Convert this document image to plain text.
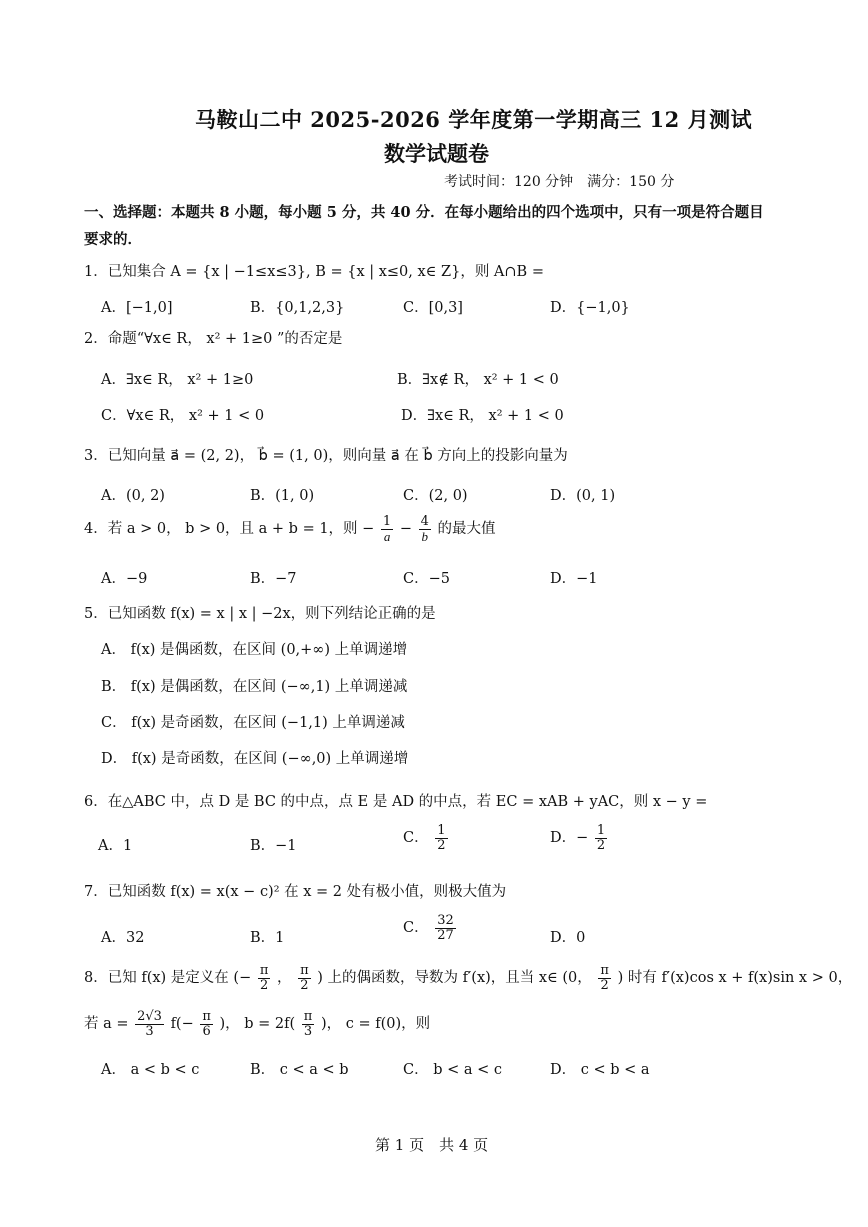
马鞍山二中 2025-2026 学年度第一学期高三 12 月测试
数学试题卷
考试时间：120 分钟　满分：150 分
一、选择题：本题共 8 小题，每小题 5 分，共 40 分．在每小题给出的四个选项中，只有一项是符合题目
要求的．
1．已知集合 A = {x | −1≤x≤3}, B = {x | x≤0, x∈ Z}，则 A∩B =
A．[−1,0]	B．{0,1,2,3}	C．[0,3]	D．{−1,0}
2．命题“∀x∈ R， x² + 1≥0 ”的否定是
A．∃x∈ R， x² + 1≥0	B．∃x∉ R， x² + 1 < 0
C．∀x∈ R， x² + 1 < 0	D．∃x∈ R， x² + 1 < 0
3．已知向量 a⃗ = (2, 2)， b⃗ = (1, 0)，则向量 a⃗ 在 b⃗ 方向上的投影向量为
A．(0, 2)	B．(1, 0)	C．(2, 0)	D．(0, 1)
4．若 a > 0， b > 0，且 a + b = 1，则 − $\frac{1}{a} - \frac{4}{b}$ 的最大值
A．−9	B．−7	C．−5	D．−1
5．已知函数 f(x) = x | x | −2x，则下列结论正确的是
A． f(x) 是偶函数，在区间 (0,+∞) 上单调递增
B． f(x) 是偶函数，在区间 (−∞,1) 上单调递减
C． f(x) 是奇函数，在区间 (−1,1) 上单调递减
D． f(x) 是奇函数，在区间 (−∞,0) 上单调递增
6．在△ABC 中，点 D 是 BC 的中点，点 E 是 AD 的中点，若 EC = xAB + yAC，则 x − y =
A．1	B．−1	C． $\frac{1}{2}$	D．− $\frac{1}{2}$
7．已知函数 f(x) = x(x − c)² 在 x = 2 处有极小值，则极大值为
A．32	B．1
C． $\frac{32}{27}$	D．0
8．已知 f(x) 是定义在 (− $\frac{\pi}{2}$ ， $\frac{\pi}{2}$ ) 上的偶函数，导数为 f′(x)，且当 x∈ (0， $\frac{\pi}{2}$ ) 时有 f′(x)cos x + f(x)sin x > 0，
若 $a = \frac{2√3}{3} f(- \frac{\pi}{6}$ )， $b = 2f( \frac{\pi}{3}$ )， c = f(0)，则
A． a < b < c	B． c < a < b	C． b < a < c	D． c < b < a
第 1 页　共 4 页
